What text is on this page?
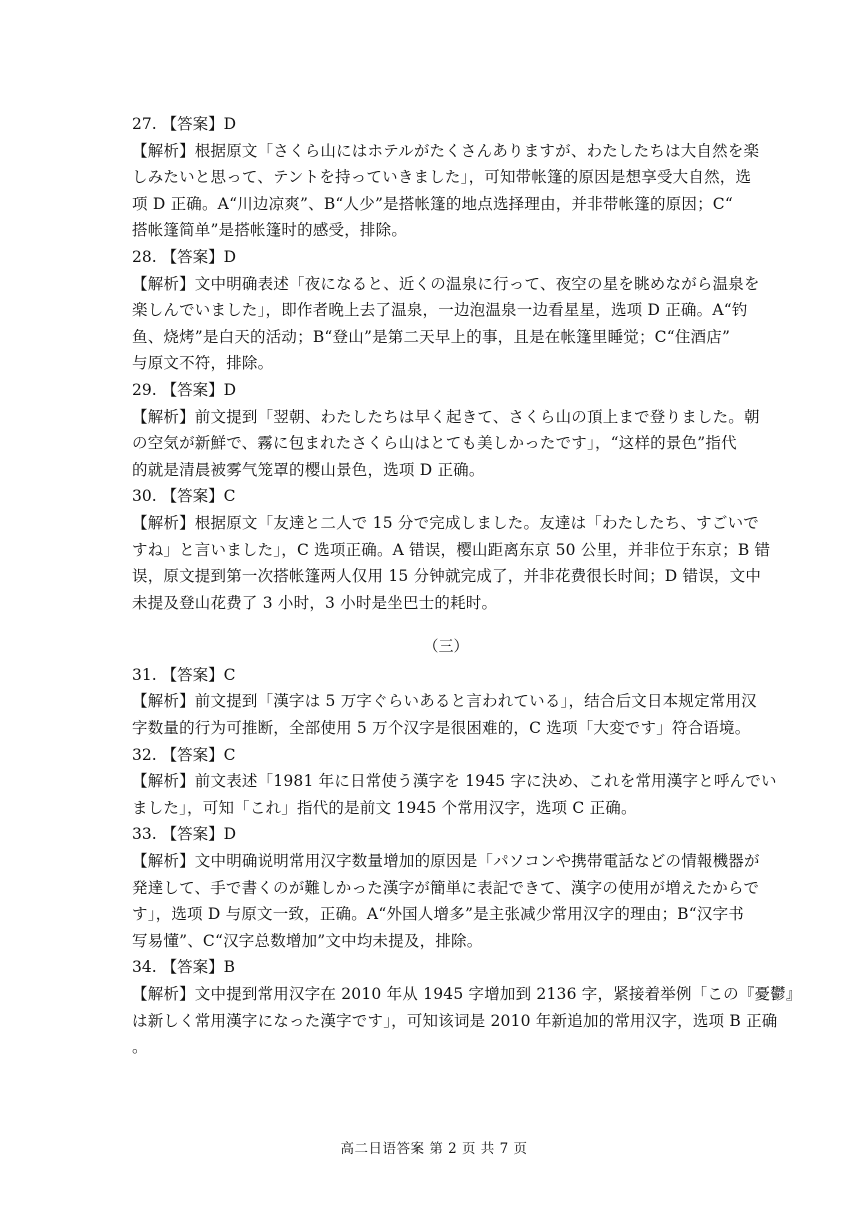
27. 【答案】D
【解析】根据原文「さくら山にはホテルがたくさんありますが、わたしたちは大自然を楽
しみたいと思って、テントを持っていきました」，可知带帐篷的原因是想享受大自然，选
项 D 正确。A“川边凉爽”、B“人少”是搭帐篷的地点选择理由，并非带帐篷的原因；C“
搭帐篷简单”是搭帐篷时的感受，排除。
28. 【答案】D
【解析】文中明确表述「夜になると、近くの温泉に行って、夜空の星を眺めながら温泉を
楽しんでいました」，即作者晚上去了温泉，一边泡温泉一边看星星，选项 D 正确。A“钓
鱼、烧烤”是白天的活动；B“登山”是第二天早上的事，且是在帐篷里睡觉；C“住酒店”
与原文不符，排除。
29. 【答案】D
【解析】前文提到「翌朝、わたしたちは早く起きて、さくら山の頂上まで登りました。朝
の空気が新鮮で、霧に包まれたさくら山はとても美しかったです」，“这样的景色”指代
的就是清晨被雾气笼罩的樱山景色，选项 D 正确。
30. 【答案】C
【解析】根据原文「友達と二人で 15 分で完成しました。友達は「わたしたち、すごいで
すね」と言いました」，C 选项正确。A 错误，樱山距离东京 50 公里，并非位于东京；B 错
误，原文提到第一次搭帐篷两人仅用 15 分钟就完成了，并非花费很长时间；D 错误，文中
未提及登山花费了 3 小时，3 小时是坐巴士的耗时。
（三）
31. 【答案】C
【解析】前文提到「漢字は 5 万字ぐらいあると言われている」，结合后文日本规定常用汉
字数量的行为可推断，全部使用 5 万个汉字是很困难的，C 选项「大変です」符合语境。
32. 【答案】C
【解析】前文表述「1981 年に日常使う漢字を 1945 字に決め、これを常用漢字と呼んでい
ました」，可知「これ」指代的是前文 1945 个常用汉字，选项 C 正确。
33. 【答案】D
【解析】文中明确说明常用汉字数量增加的原因是「パソコンや携帯電話などの情報機器が
発達して、手で書くのが難しかった漢字が簡単に表記できて、漢字の使用が増えたからで
す」，选项 D 与原文一致，正确。A“外国人增多”是主张减少常用汉字的理由；B“汉字书
写易懂”、C“汉字总数增加”文中均未提及，排除。
34. 【答案】B
【解析】文中提到常用汉字在 2010 年从 1945 字增加到 2136 字，紧接着举例「この『憂鬱』
は新しく常用漢字になった漢字です」，可知该词是 2010 年新追加的常用汉字，选项 B 正确
。
高二日语答案 第 2 页 共 7 页
